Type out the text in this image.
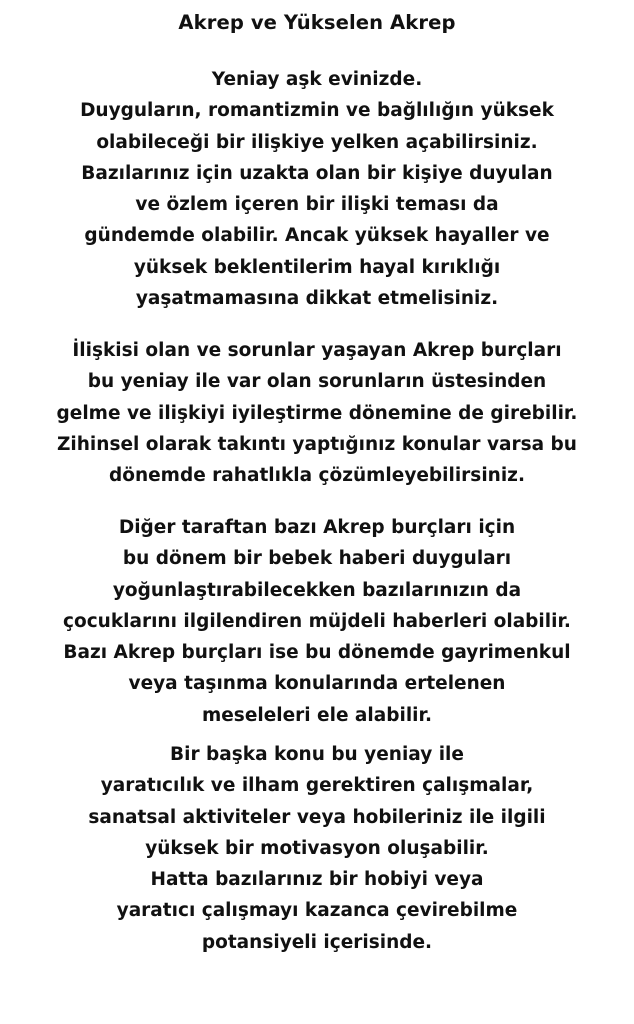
Akrep ve Yükselen Akrep
Yeniay aşk evinizde.
Duyguların, romantizmin ve bağlılığın yüksek
olabileceği bir ilişkiye yelken açabilirsiniz.
Bazılarınız için uzakta olan bir kişiye duyulan
ve özlem içeren bir ilişki teması da
gündemde olabilir. Ancak yüksek hayaller ve
yüksek beklentilerim hayal kırıklığı
yaşatmamasına dikkat etmelisiniz.
İlişkisi olan ve sorunlar yaşayan Akrep burçları
bu yeniay ile var olan sorunların üstesinden
gelme ve ilişkiyi iyileştirme dönemine de girebilir.
Zihinsel olarak takıntı yaptığınız konular varsa bu
dönemde rahatlıkla çözümleyebilirsiniz.
Diğer taraftan bazı Akrep burçları için
bu dönem bir bebek haberi duyguları
yoğunlaştırabilecekken bazılarınızın da
çocuklarını ilgilendiren müjdeli haberleri olabilir.
Bazı Akrep burçları ise bu dönemde gayrimenkul
veya taşınma konularında ertelenen
meseleleri ele alabilir.
Bir başka konu bu yeniay ile
yaratıcılık ve ilham gerektiren çalışmalar,
sanatsal aktiviteler veya hobileriniz ile ilgili
yüksek bir motivasyon oluşabilir.
Hatta bazılarınız bir hobiyi veya
yaratıcı çalışmayı kazanca çevirebilme
potansiyeli içerisinde.
